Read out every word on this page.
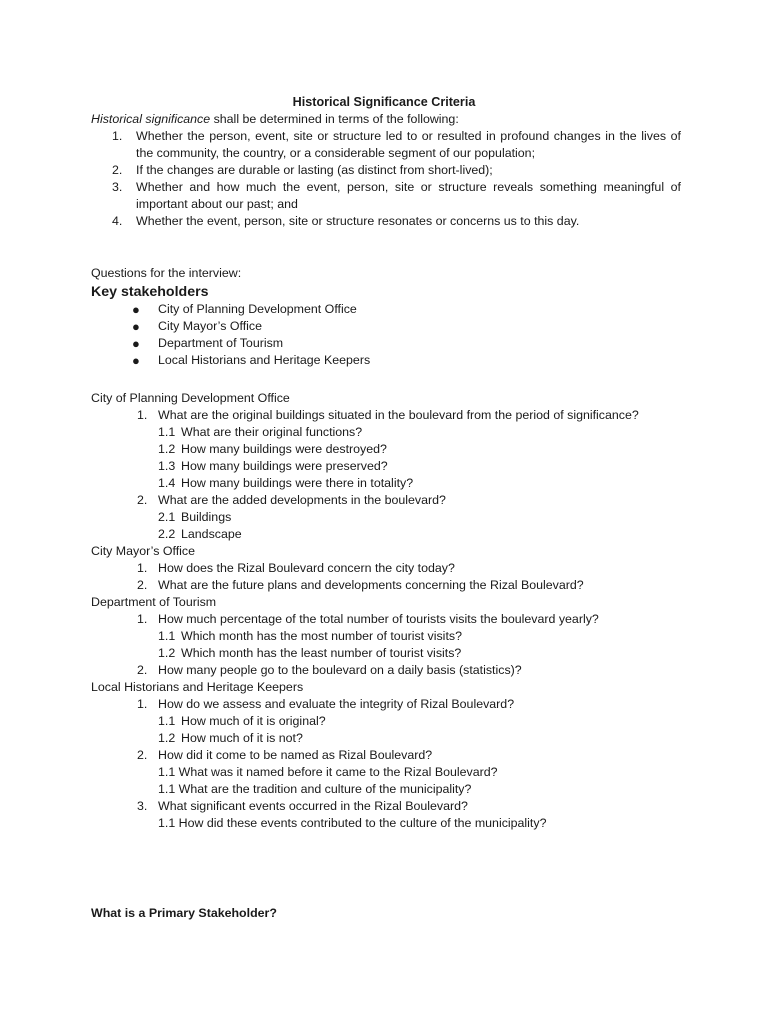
Historical Significance Criteria
Historical significance shall be determined in terms of the following:
1. Whether the person, event, site or structure led to or resulted in profound changes in the lives of the community, the country, or a considerable segment of our population;
2. If the changes are durable or lasting (as distinct from short-lived);
3. Whether and how much the event, person, site or structure reveals something meaningful of important about our past; and
4. Whether the event, person, site or structure resonates or concerns us to this day.
Questions for the interview:
Key stakeholders
● City of Planning Development Office
● City Mayor’s Office
● Department of Tourism
● Local Historians and Heritage Keepers
City of Planning Development Office
1. What are the original buildings situated in the boulevard from the period of significance?
1.1 What are their original functions?
1.2 How many buildings were destroyed?
1.3 How many buildings were preserved?
1.4 How many buildings were there in totality?
2. What are the added developments in the boulevard?
2.1 Buildings
2.2 Landscape
City Mayor’s Office
1. How does the Rizal Boulevard concern the city today?
2. What are the future plans and developments concerning the Rizal Boulevard?
Department of Tourism
1. How much percentage of the total number of tourists visits the boulevard yearly?
1.1 Which month has the most number of tourist visits?
1.2 Which month has the least number of tourist visits?
2. How many people go to the boulevard on a daily basis (statistics)?
Local Historians and Heritage Keepers
1. How do we assess and evaluate the integrity of Rizal Boulevard?
1.1 How much of it is original?
1.2 How much of it is not?
2. How did it come to be named as Rizal Boulevard?
1.1 What was it named before it came to the Rizal Boulevard?
1.1 What are the tradition and culture of the municipality?
3. What significant events occurred in the Rizal Boulevard?
1.1 How did these events contributed to the culture of the municipality?
What is a Primary Stakeholder?
